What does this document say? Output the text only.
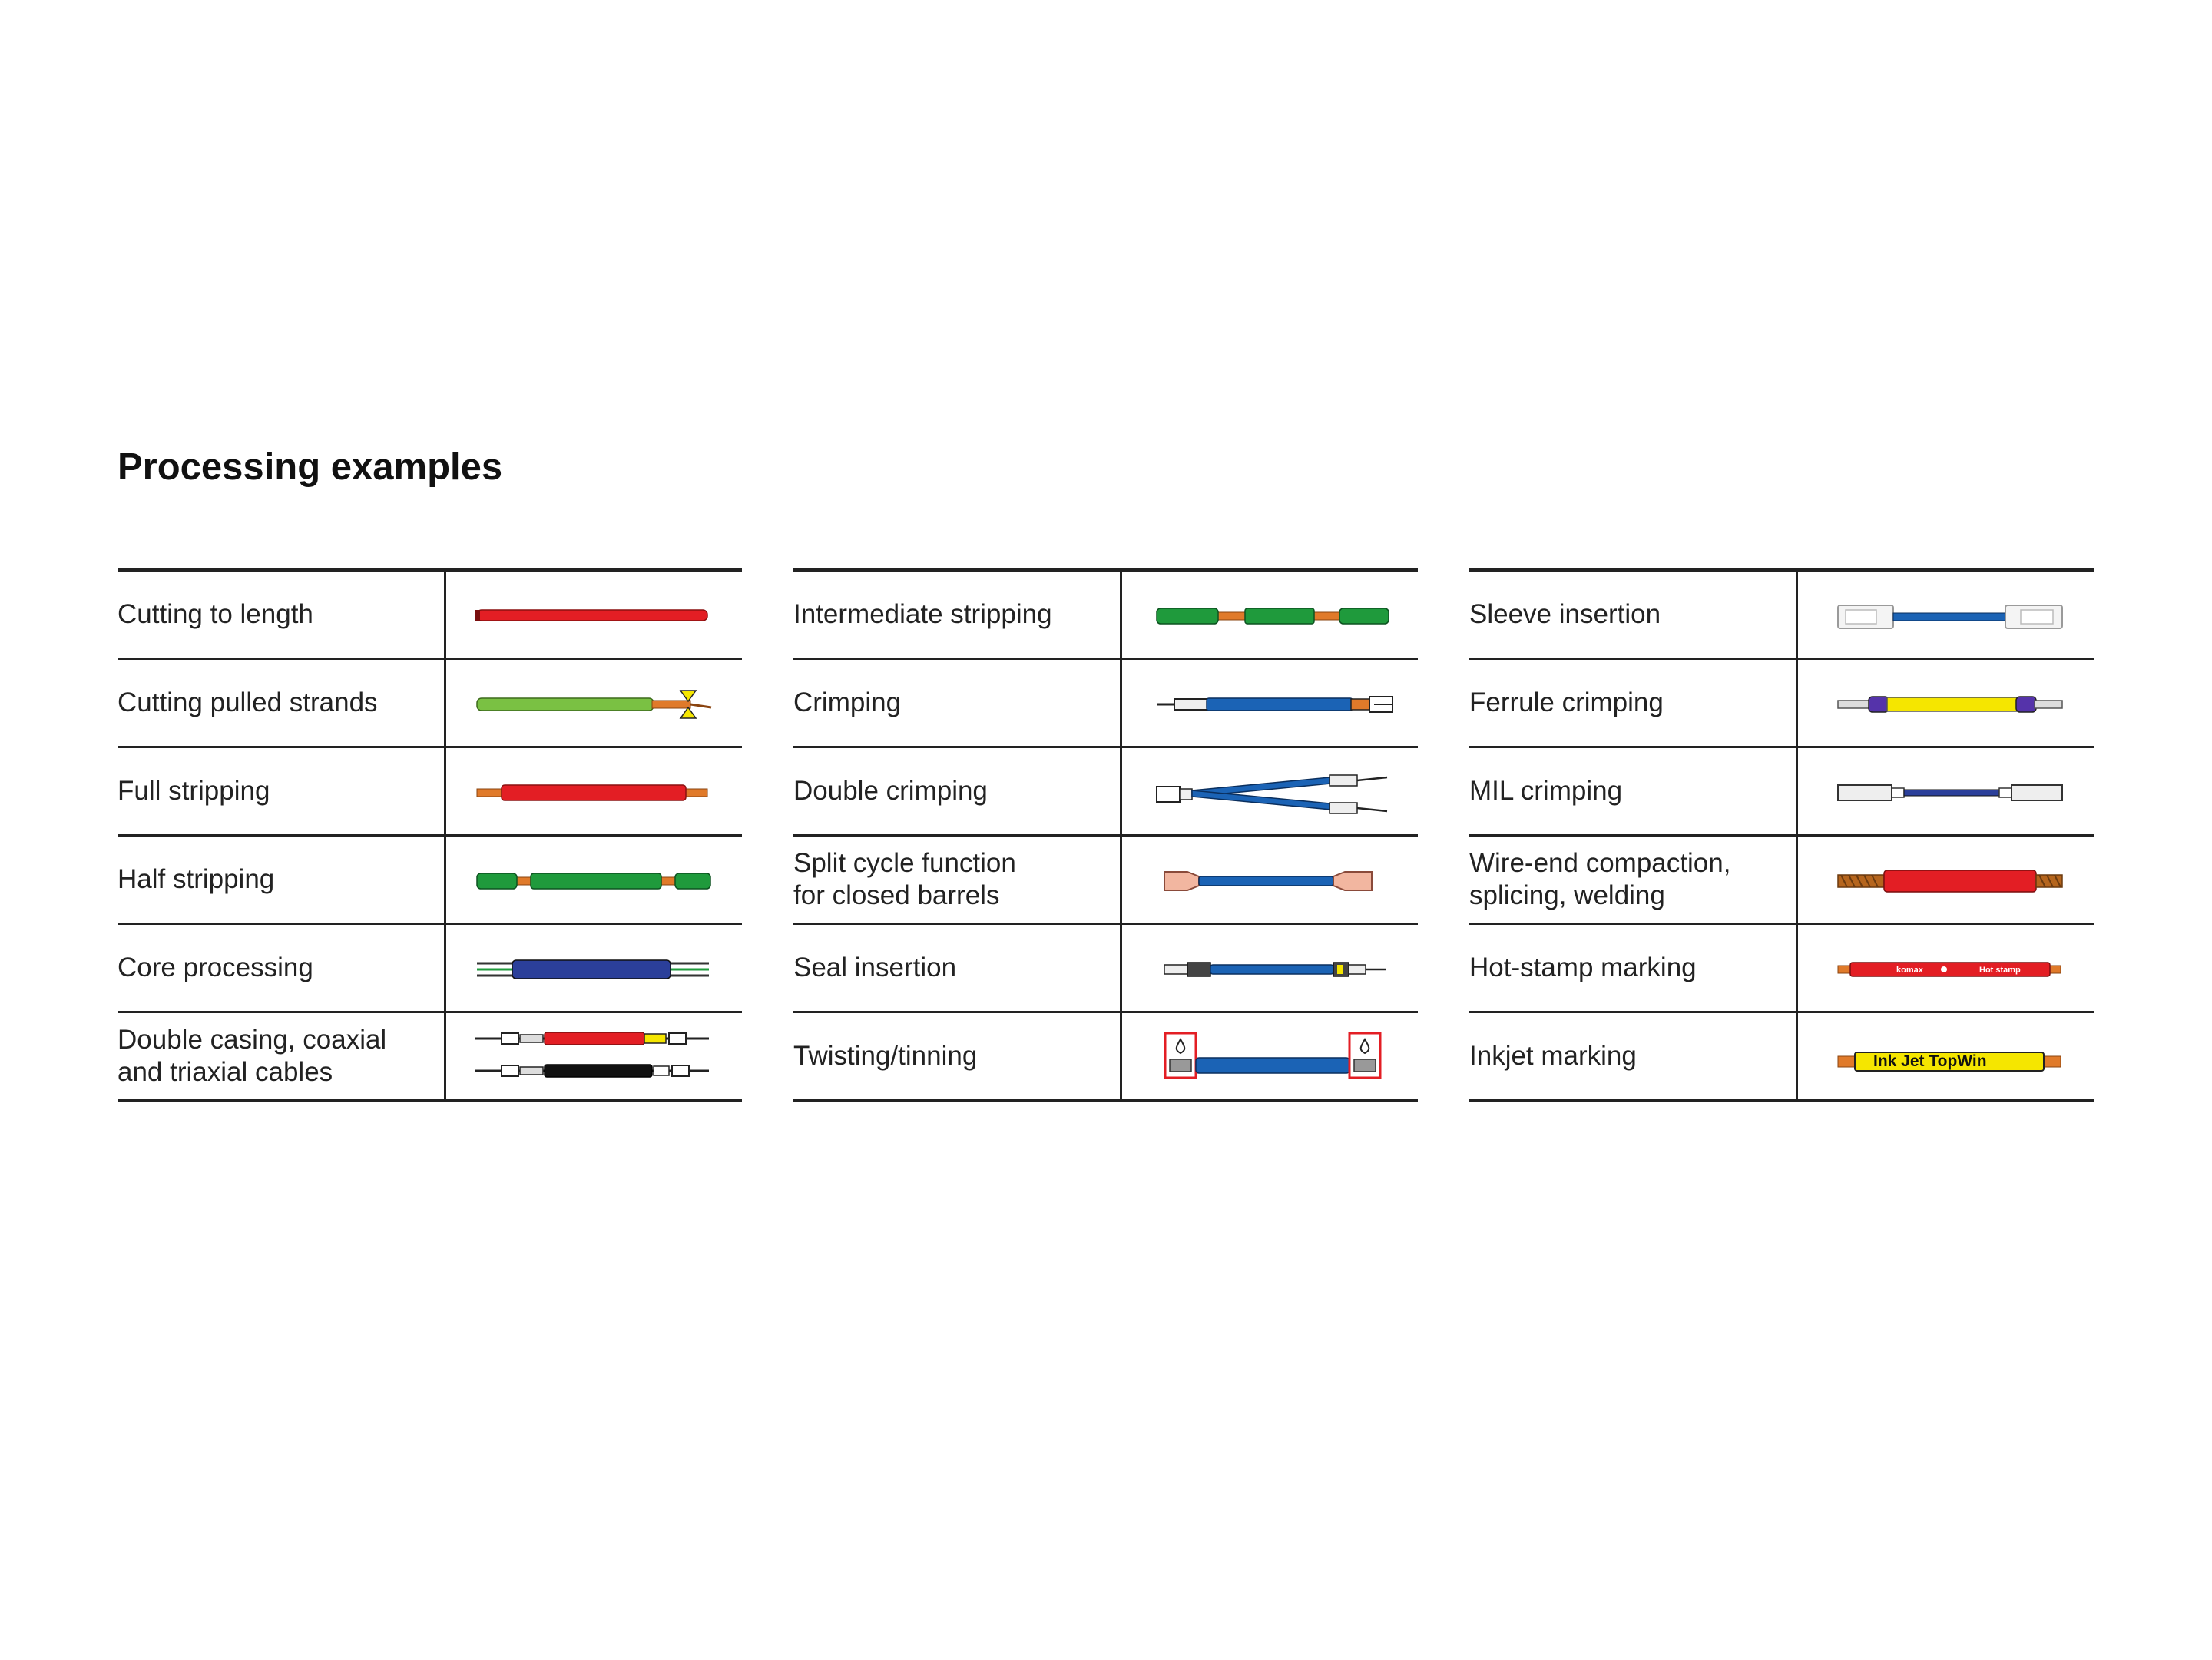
Processing examples
Cutting to length
Cutting pulled strands
Full stripping
Half stripping
Core processing
Double casing, coaxial
and triaxial cables
Intermediate stripping
Crimping
Double crimping
Split cycle function
for closed barrels
Seal insertion
Twisting/tinning
Sleeve insertion
Ferrule crimping
MIL crimping
Wire-end compaction,
splicing, welding
Hot-stamp marking	komax	Hot stamp
Inkjet marking	Ink Jet TopWin
